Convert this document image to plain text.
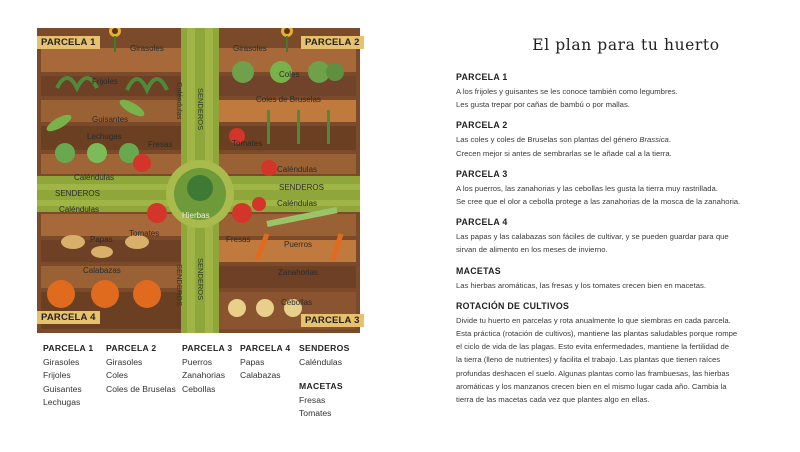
PARCELA 1	PARCELA 2
PARCELA 3
PARCELA 4
Girasoles
Frijoles
Guisantes
Lechugas
Girasoles
Coles
Coles de Bruselas
Fresas	Tomates
Caléndulas
Caléndulas
SENDEROS
SENDEROS
Caléndulas
Caléndulas
Hierbas
Papas
Tomates
Calabazas
Fresas
Puerros
Zanahorias
Cebollas
Caléndulas SENDEROS
SENDEROS SENDEROS
PARCELA 1
Girasoles
Frijoles
Guisantes
Lechugas
PARCELA 2
Girasoles
Coles
Coles de Bruselas
PARCELA 3
Puerros
Zanahorias
Cebollas
PARCELA 4
Papas
Calabazas
SENDEROS
Caléndulas
MACETAS
Fresas
Tomates
El plan para tu huerto
PARCELA 1
A los frijoles y guisantes se les conoce también como legumbres.
Les gusta trepar por cañas de bambú o por mallas.
PARCELA 2
Las coles y coles de Bruselas son plantas del género Brassica.
Crecen mejor si antes de sembrarlas se le añade cal a la tierra.
PARCELA 3
A los puerros, las zanahorias y las cebollas les gusta la tierra muy rastrillada.
Se cree que el olor a cebolla protege a las zanahorias de la mosca de la zanahoria.
PARCELA 4
Las papas y las calabazas son fáciles de cultivar, y se pueden guardar para que
sirvan de alimento en los meses de invierno.
MACETAS
Las hierbas aromáticas, las fresas y los tomates crecen bien en macetas.
ROTACIÓN DE CULTIVOS
Divide tu huerto en parcelas y rota anualmente lo que siembras en cada parcela.
Esta práctica (rotación de cultivos), mantiene las plantas saludables porque rompe
el ciclo de vida de las plagas. Esto evita enfermedades, mantiene la fertilidad de
la tierra (lleno de nutrientes) y facilita el trabajo. Las plantas que tienen raíces
profundas deshacen el suelo. Algunas plantas como las frambuesas, las hierbas
aromáticas y los manzanos crecen bien en el mismo lugar cada año. Cambia la
tierra de las macetas cada vez que plantes algo en ellas.
